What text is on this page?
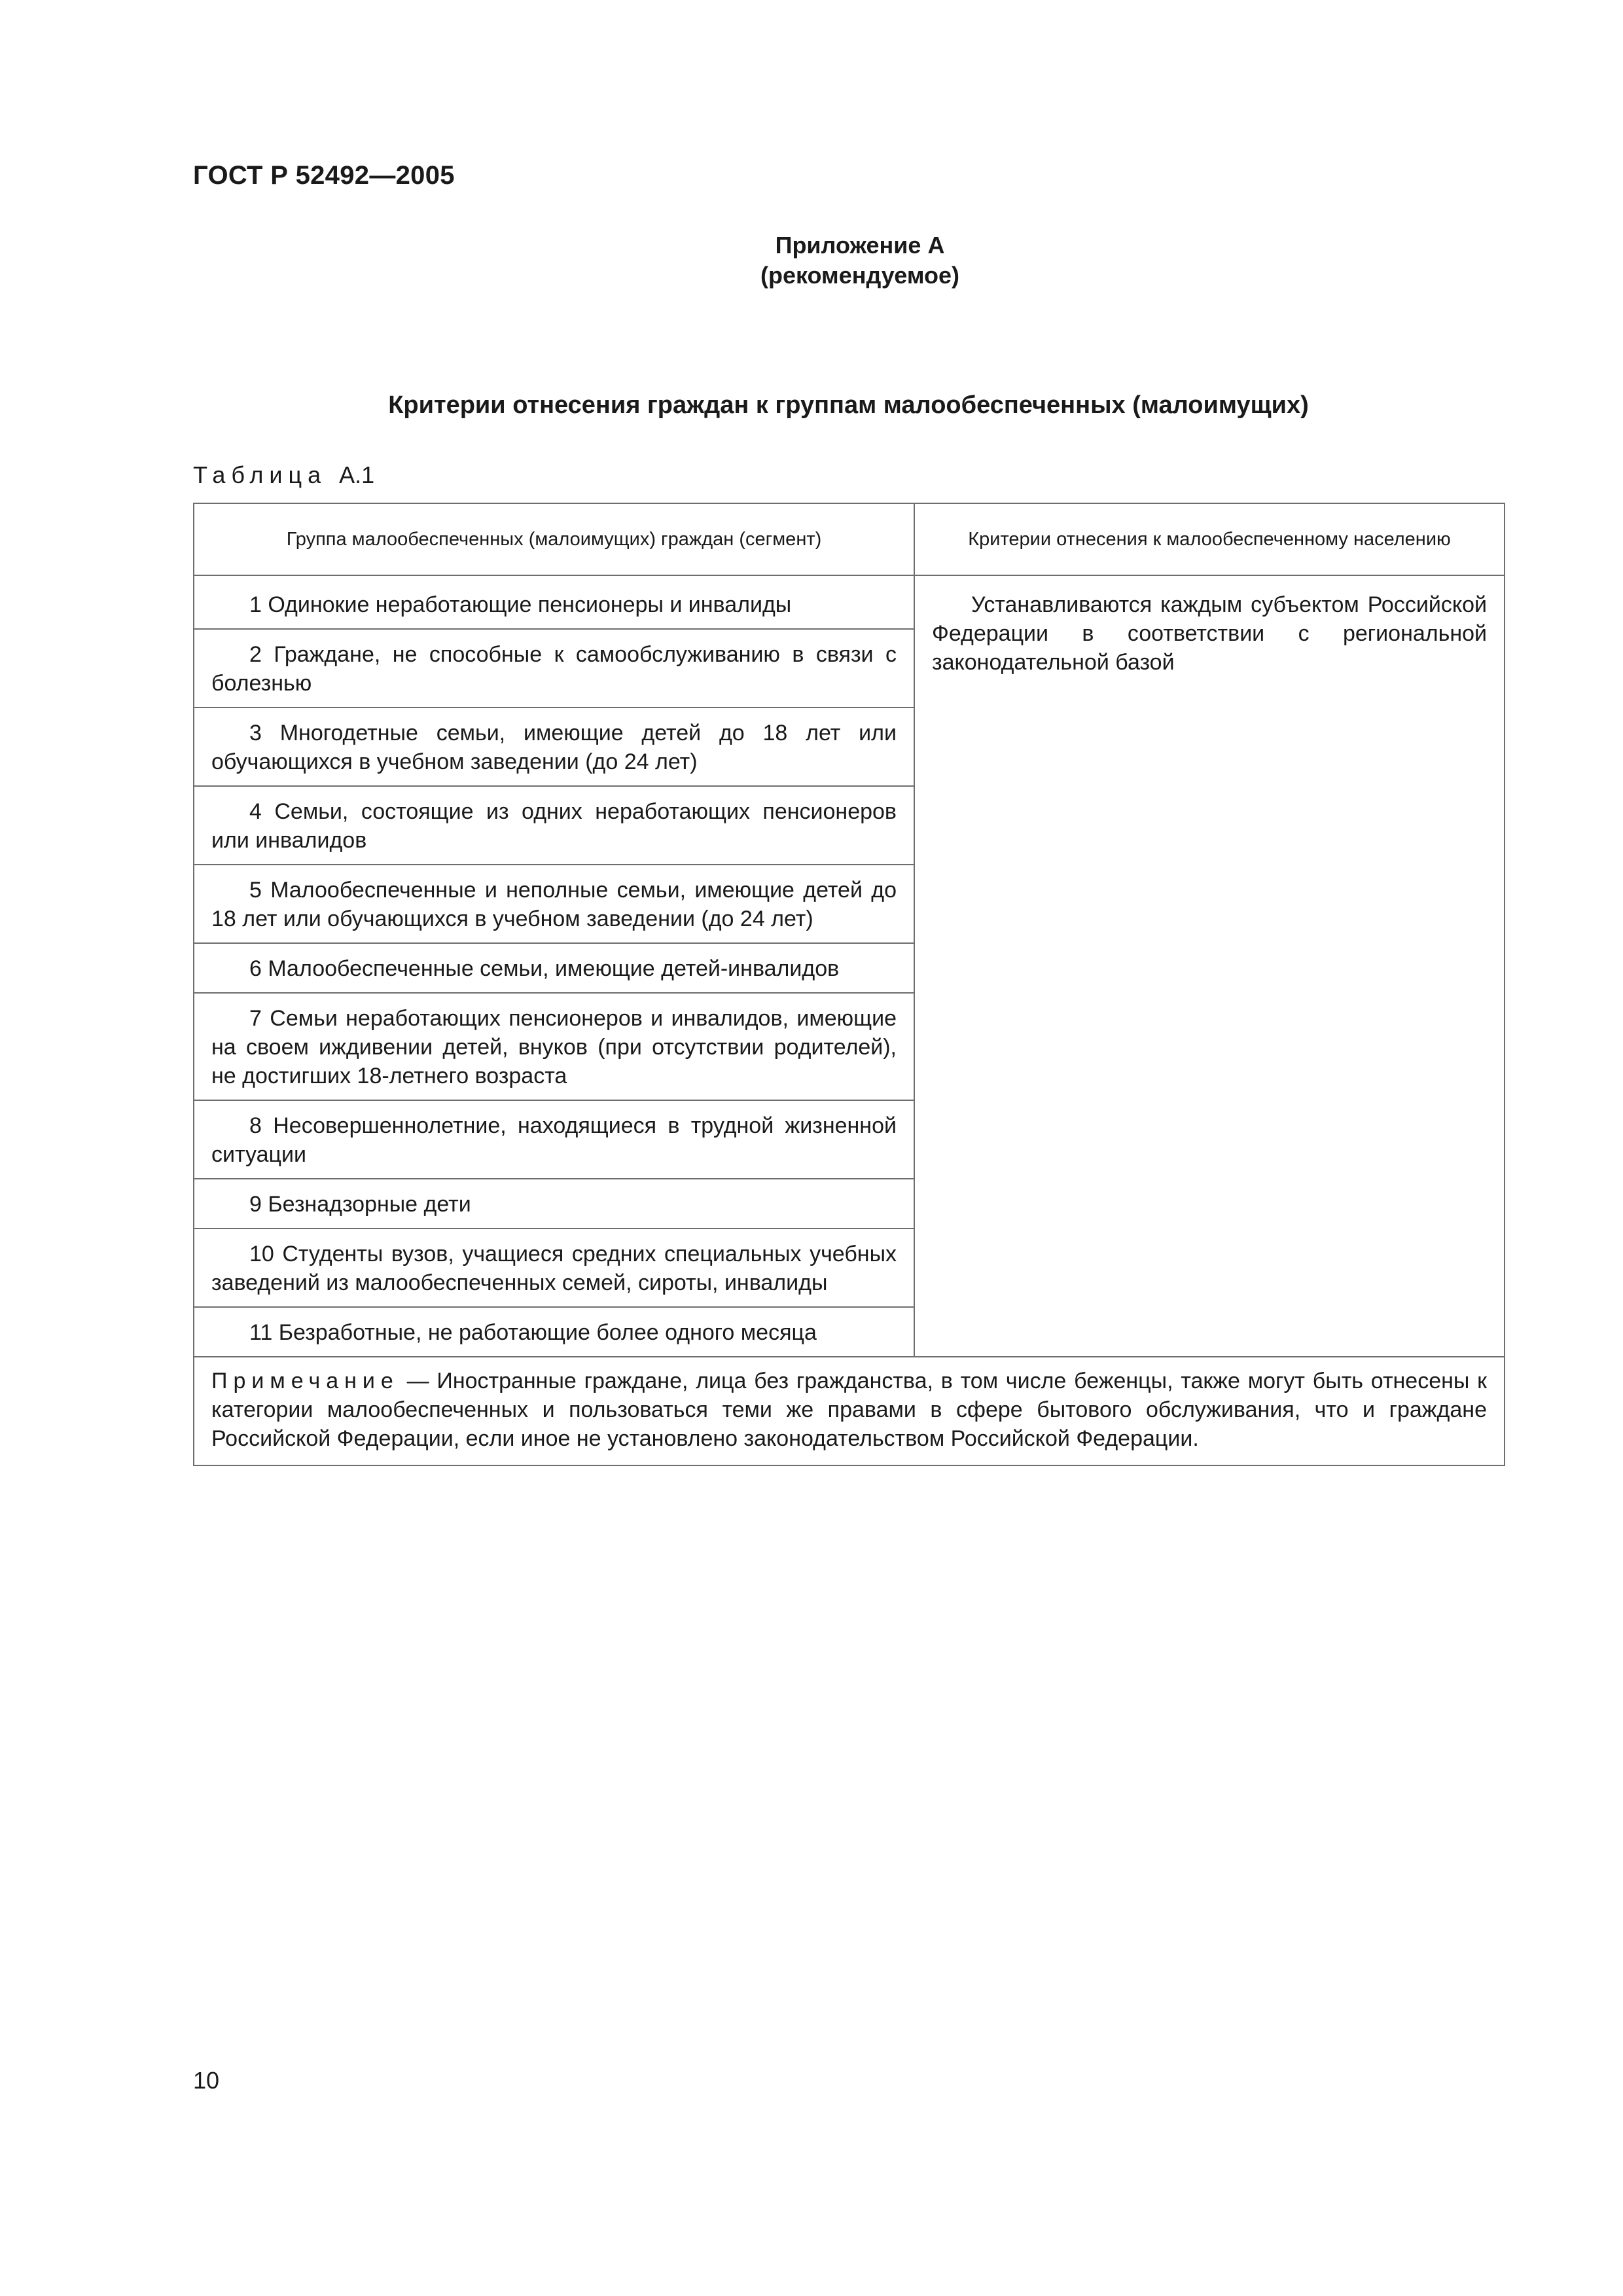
ГОСТ Р 52492—2005
Приложение А
(рекомендуемое)
Критерии отнесения граждан к группам малообеспеченных (малоимущих)
Таблица А.1
Группа малообеспеченных (малоимущих) граждан (сегмент)	Критерии отнесения к малообеспеченному населению

1 Одинокие неработающие пенсионеры и инвалиды	Устанавливаются каждым субъектом Российской Федерации в соответствии с региональной законодательной базой

2 Граждане, не способные к самообслуживанию в связи с болезнью	

3 Многодетные семьи, имеющие детей до 18 лет или обучающихся в учебном заведении (до 24 лет)	

4 Семьи, состоящие из одних неработающих пенсионеров или инвалидов	

5 Малообеспеченные и неполные семьи, имеющие детей до 18 лет или обучающихся в учебном заведении (до 24 лет)	

6 Малообеспеченные семьи, имеющие детей-инвалидов	

7 Семьи неработающих пенсионеров и инвалидов, имеющие на своем иждивении детей, внуков (при отсутствии родителей), не достигших 18-летнего возраста	

8 Несовершеннолетние, находящиеся в трудной жизненной ситуации	

9 Безнадзорные дети	

10 Студенты вузов, учащиеся средних специальных учебных заведений из малообеспеченных семей, сироты, инвалиды	

11 Безработные, не работающие более одного месяца	

Примечание — Иностранные граждане, лица без гражданства, в том числе беженцы, также могут быть отнесены к категории малообеспеченных и пользоваться теми же правами в сфере бытового обслуживания, что и граждане Российской Федерации, если иное не установлено законодательством Российской Федерации.	
10
